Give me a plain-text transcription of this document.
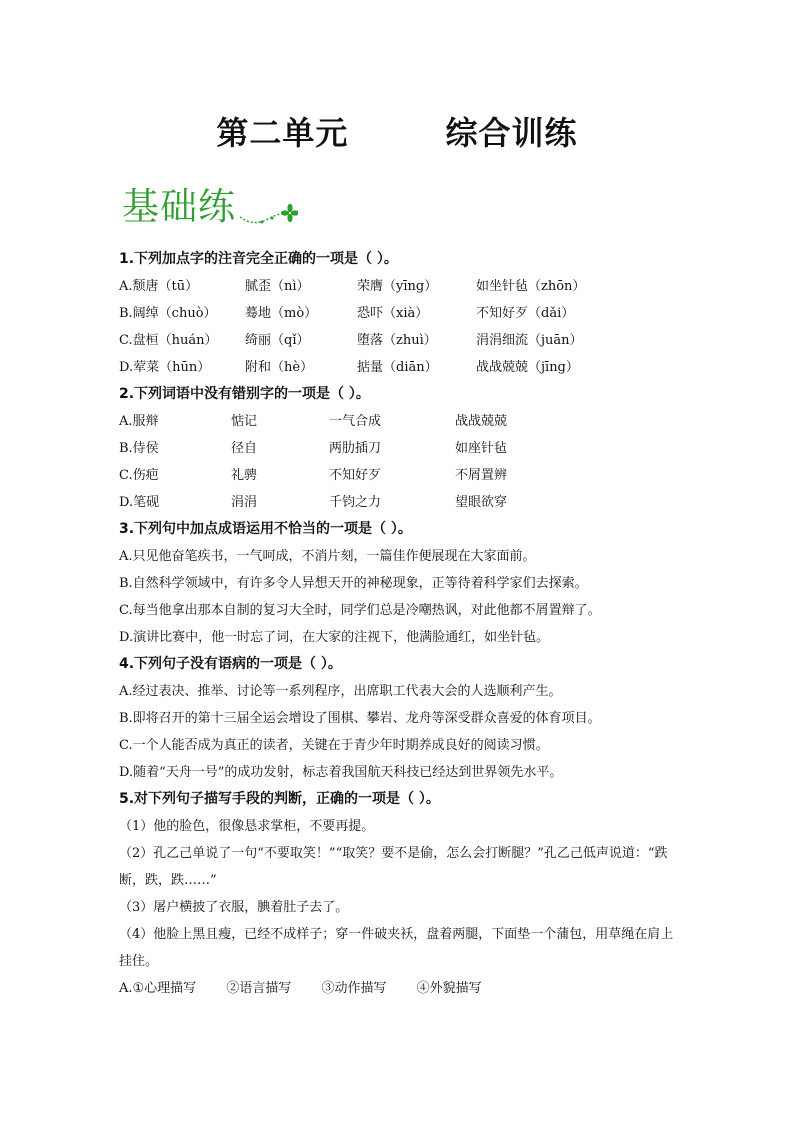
第二单元        综合训练
基础练
1.下列加点字的注音完全正确的一项是（ ）。
A.颓唐（tū）	腻歪（nì）	荣膺（yīng）	如坐针毡（zhōn）
B.阔绰（chuò）	蓦地（mò）	恐吓（xià）	不知好歹（dǎi）
C.盘桓（huán）	绮丽（qǐ）	堕落（zhuì）	涓涓细流（juān）
D.荤菜（hūn）	附和（hè）	掂量（diān）	战战兢兢（jīng）
2.下列词语中没有错别字的一项是（ ）。
A.服辩	惦记	一气合成	战战兢兢
B.侍侯	径自	两肋插刀	如座针毡
C.伤疤	礼骋	不知好歹	不屑置辨
D.笔砚	涓涓	千钧之力	望眼欲穿
3.下列句中加点成语运用不恰当的一项是（ ）。
A.只见他奋笔疾书，一气呵成，不消片刻，一篇佳作便展现在大家面前。
B.自然科学领域中，有许多令人异想天开的神秘现象，正等待着科学家们去探索。
C.每当他拿出那本自制的复习大全时，同学们总是冷嘲热讽，对此他都不屑置辩了。
D.演讲比赛中，他一时忘了词，在大家的注视下，他满脸通红，如坐针毡。
4.下列句子没有语病的一项是（ ）。
A.经过表决、推举、讨论等一系列程序，出席职工代表大会的人选顺利产生。
B.即将召开的第十三届全运会增设了围棋、攀岩、龙舟等深受群众喜爱的体育项目。
C.一个人能否成为真正的读者，关键在于青少年时期养成良好的阅读习惯。
D.随着“天舟一号”的成功发射，标志着我国航天科技已经达到世界领先水平。
5.对下列句子描写手段的判断，正确的一项是（ ）。
（1）他的脸色，很像恳求掌柜，不要再提。
（2）孔乙己单说了一句“不要取笑！”“取笑？要不是偷，怎么会打断腿？”孔乙己低声说道：“跌断，跌，跌……”
（3）屠户横披了衣服，腆着肚子去了。
（4）他脸上黑且瘦，已经不成样子；穿一件破夹袄，盘着两腿，下面垫一个蒲包，用草绳在肩上挂住。
A.①心理描写 ②语言描写 ③动作描写 ④外貌描写
